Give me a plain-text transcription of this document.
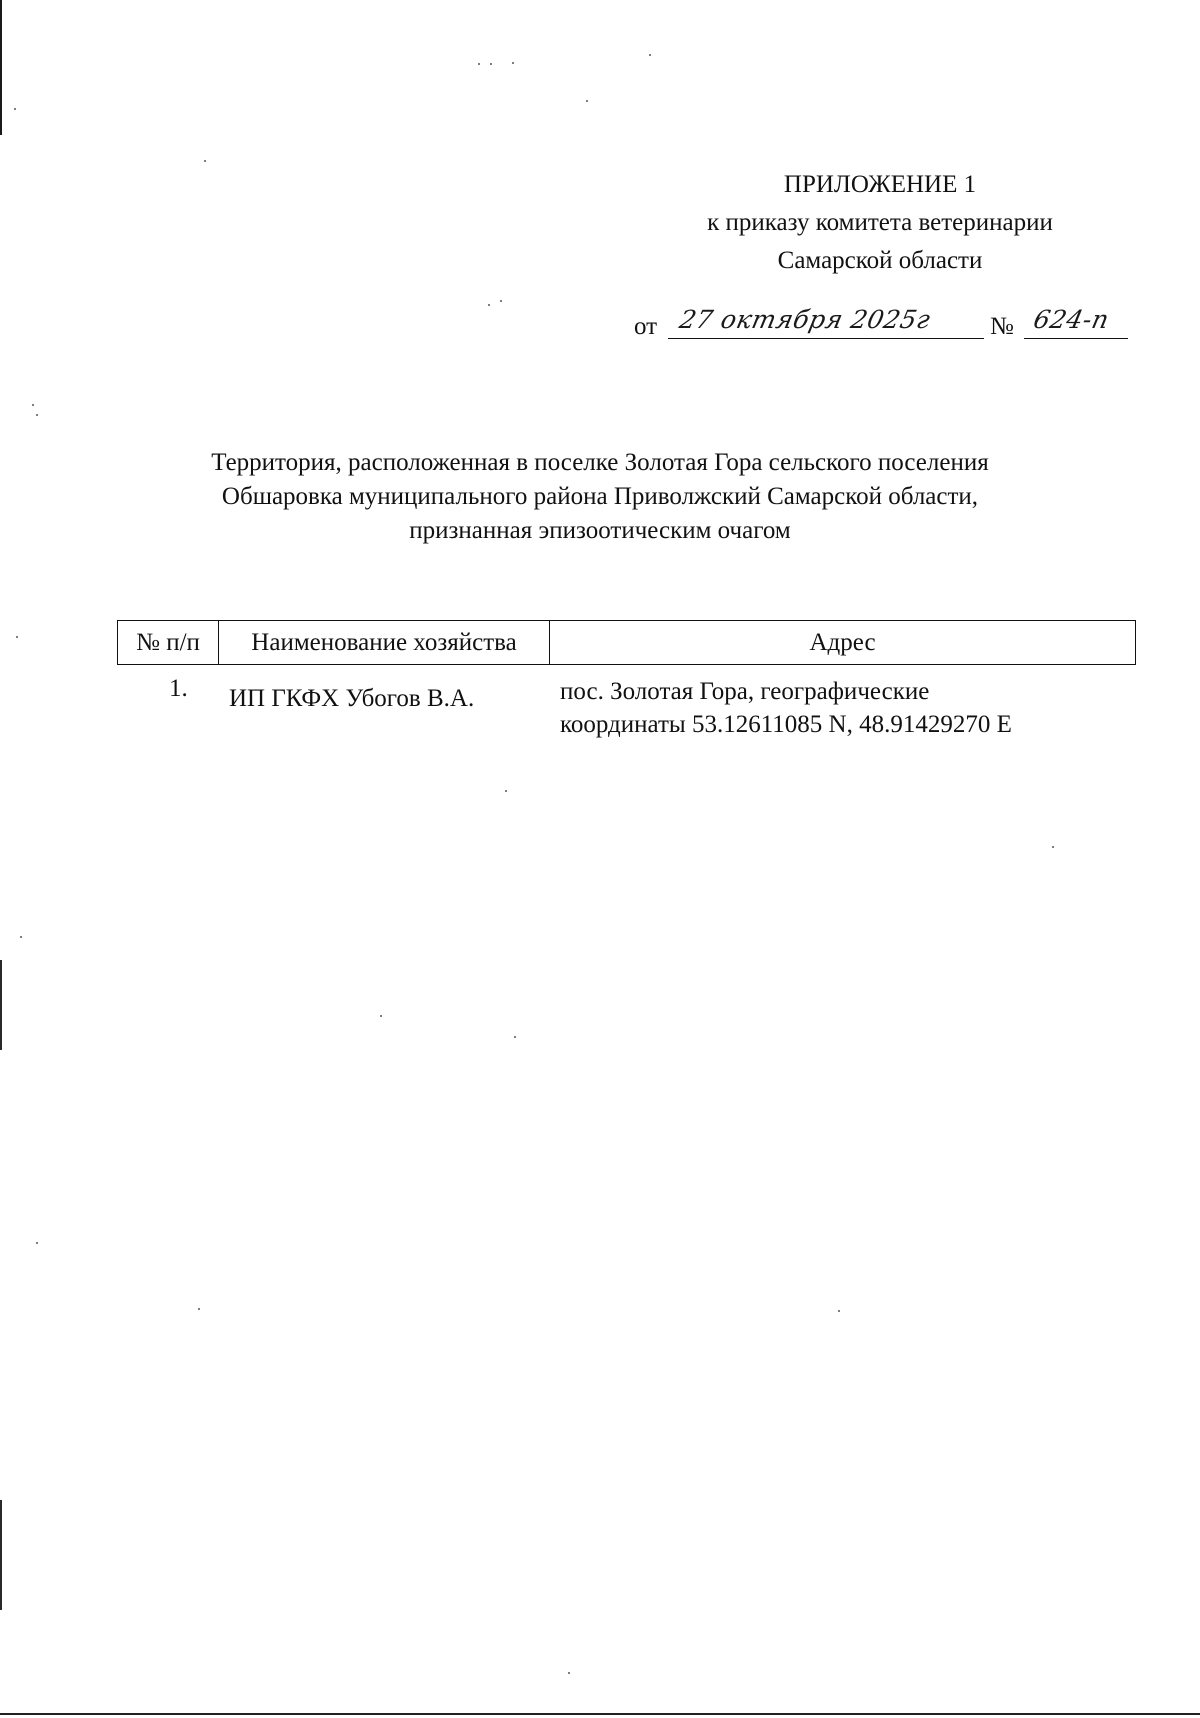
ПРИЛОЖЕНИЕ 1
к приказу комитета ветеринарии
Самарской области
от 27 октября 2025г № 624-п
Территория, расположенная в поселке Золотая Гора сельского поселения
Обшаровка муниципального района Приволжский Самарской области,
признанная эпизоотическим очагом
№ п/п	Наименование хозяйства	Адрес
1. ИП ГКФХ Убогов В.А.	пос. Золотая Гора, географические
координаты 53.12611085 N, 48.91429270 E
